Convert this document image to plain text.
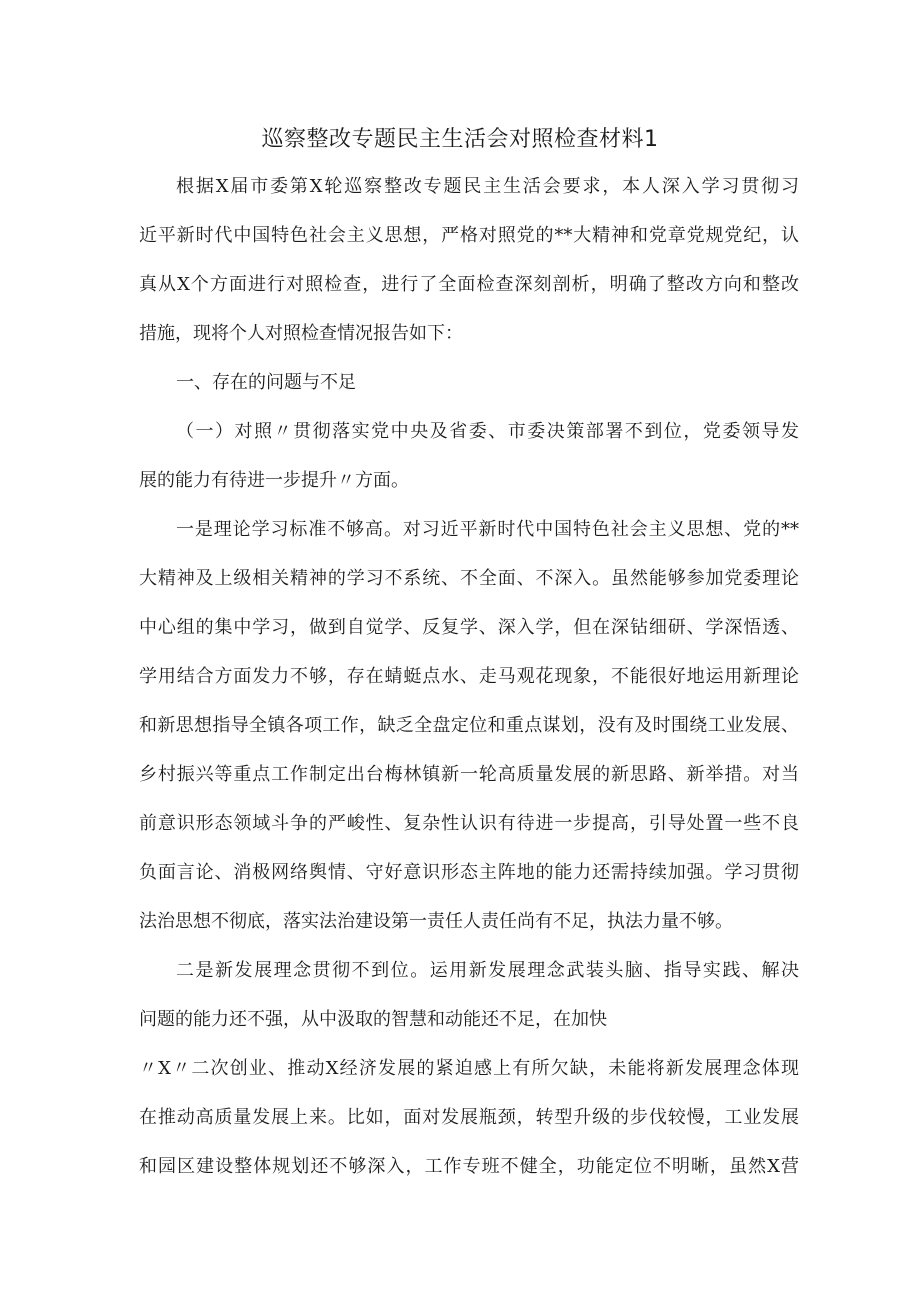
巡察整改专题民主生活会对照检查材料1
根据X届市委第X轮巡察整改专题民主生活会要求，本人深入学习贯彻习
近平新时代中国特色社会主义思想，严格对照党的**大精神和党章党规党纪，认
真从X个方面进行对照检查，进行了全面检查深刻剖析，明确了整改方向和整改
措施，现将个人对照检查情况报告如下：
一、存在的问题与不足
（一）对照〃贯彻落实党中央及省委、市委决策部署不到位，党委领导发
展的能力有待进一步提升〃方面。
一是理论学习标准不够高。对习近平新时代中国特色社会主义思想、党的**
大精神及上级相关精神的学习不系统、不全面、不深入。虽然能够参加党委理论
中心组的集中学习，做到自觉学、反复学、深入学，但在深钻细研、学深悟透、
学用结合方面发力不够，存在蜻蜓点水、走马观花现象，不能很好地运用新理论
和新思想指导全镇各项工作，缺乏全盘定位和重点谋划，没有及时围绕工业发展、
乡村振兴等重点工作制定出台梅林镇新一轮高质量发展的新思路、新举措。对当
前意识形态领域斗争的严峻性、复杂性认识有待进一步提高，引导处置一些不良
负面言论、消极网络舆情、守好意识形态主阵地的能力还需持续加强。学习贯彻
法治思想不彻底，落实法治建设第一责任人责任尚有不足，执法力量不够。
二是新发展理念贯彻不到位。运用新发展理念武装头脑、指导实践、解决
问题的能力还不强，从中汲取的智慧和动能还不足，在加快
〃X〃二次创业、推动X经济发展的紧迫感上有所欠缺，未能将新发展理念体现
在推动高质量发展上来。比如，面对发展瓶颈，转型升级的步伐较慢，工业发展
和园区建设整体规划还不够深入，工作专班不健全，功能定位不明晰，虽然X营
